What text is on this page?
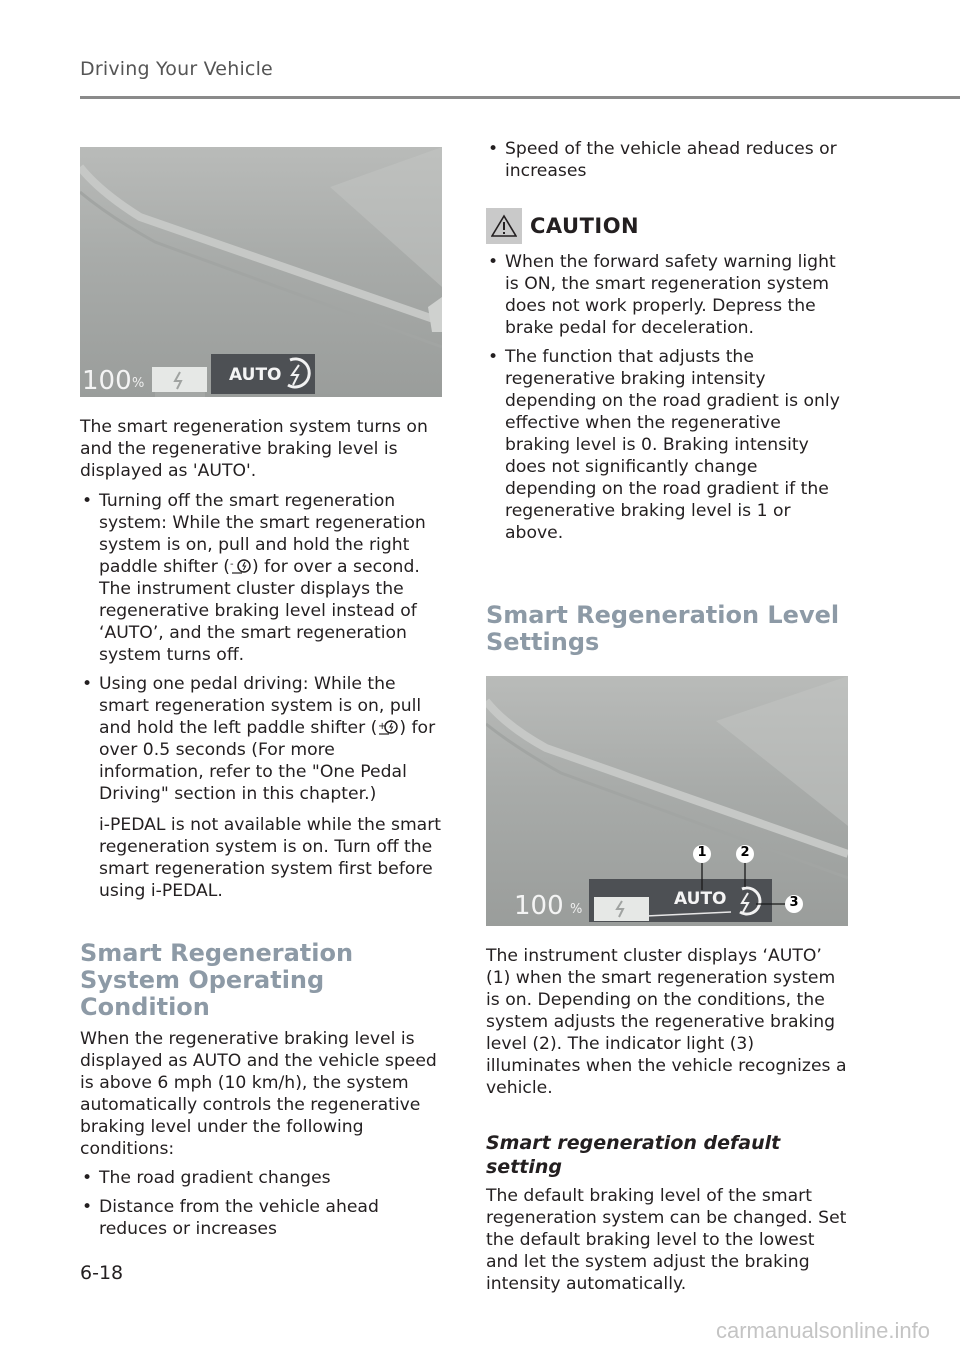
Driving Your Vehicle
100 %	AUTO

The smart regeneration system turns on and the regenerative braking level is displayed as 'AUTO'.

• Turning off the smart regeneration system: While the smart regeneration system is on, pull and hold the right paddle shifter ( - ) for over a second. The instrument cluster displays the regenerative braking level instead of ‘AUTO’, and the smart regeneration system turns off.
• Using one pedal driving: While the smart regeneration system is on, pull and hold the left paddle shifter ( + ) for over 0.5 seconds (For more information, refer to the "One Pedal Driving" section in this chapter.)

i-PEDAL is not available while the smart regeneration system is on. Turn off the smart regeneration system first before using i-PEDAL.

Smart Regeneration System Operating Condition

When the regenerative braking level is displayed as AUTO and the vehicle speed is above 6 mph (10 km/h), the system automatically controls the regenerative braking level under the following conditions:

• The road gradient changes
• Distance from the vehicle ahead reduces or increases
• Speed of the vehicle ahead reduces or increases
CAUTION
• When the forward safety warning light is ON, the smart regeneration system does not work properly. Depress the brake pedal for deceleration.
• The function that adjusts the regenerative braking intensity depending on the road gradient is only effective when the regenerative braking level is 0. Braking intensity does not significantly change depending on the road gradient if the regenerative braking level is 1 or above.
Smart Regeneration Level Settings
100 %
AUTO
1	2
3

The instrument cluster displays ‘AUTO’ (1) when the smart regeneration system is on. Depending on the conditions, the system adjusts the regenerative braking level (2). The indicator light (3) illuminates when the vehicle recognizes a vehicle.

Smart regeneration default setting

The default braking level of the smart regeneration system can be changed. Set the default braking level to the lowest and let the system adjust the braking intensity automatically.

6-18
carmanualsonline.info
